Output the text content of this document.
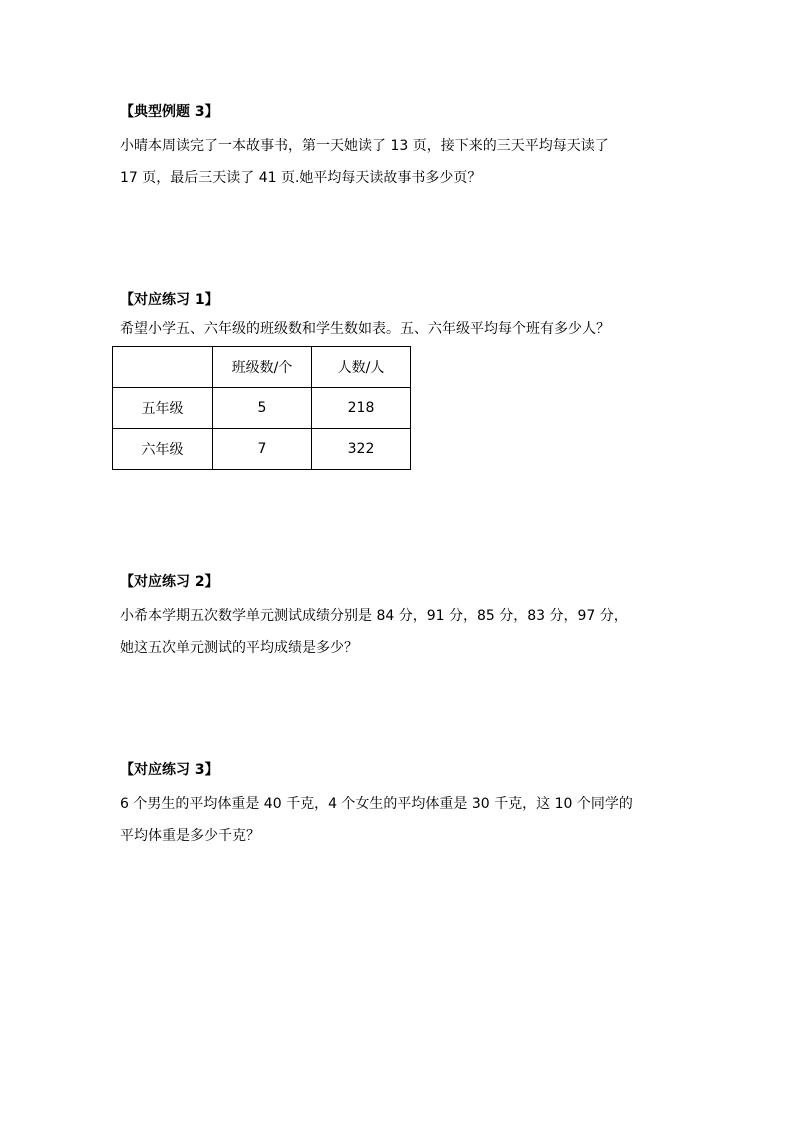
【典型例题 3】

小晴本周读完了一本故事书，第一天她读了 13 页，接下来的三天平均每天读了
17 页，最后三天读了 41 页.她平均每天读故事书多少页？

【对应练习 1】

希望小学五、六年级的班级数和学生数如表。五、六年级平均每个班有多少人？

	班级数/个	人数/人
五年级	5	218
六年级	7	322
【对应练习 2】

小希本学期五次数学单元测试成绩分别是 84 分，91 分，85 分，83 分，97 分，
她这五次单元测试的平均成绩是多少？

【对应练习 3】

6 个男生的平均体重是 40 千克，4 个女生的平均体重是 30 千克，这 10 个同学的
平均体重是多少千克？
